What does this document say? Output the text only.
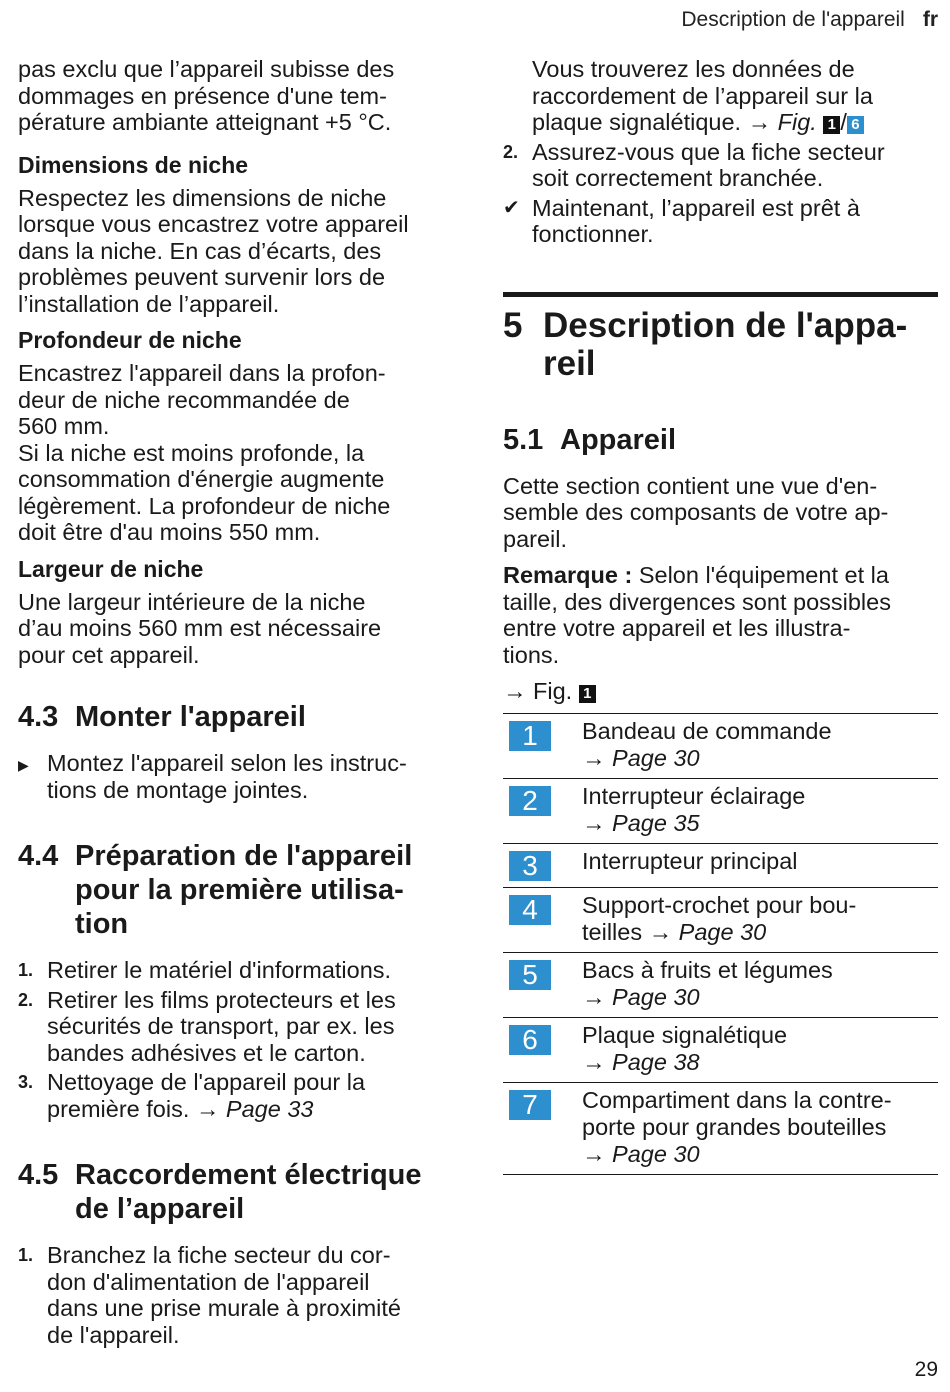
Description de l'appareil fr
pas exclu que l’appareil subisse des
dommages en présence d'une tem-
pérature ambiante atteignant +5 °C.
Dimensions de niche
Respectez les dimensions de niche
lorsque vous encastrez votre appareil
dans la niche. En cas d’écarts, des
problèmes peuvent survenir lors de
l’installation de l’appareil.
Profondeur de niche
Encastrez l'appareil dans la profon-
deur de niche recommandée de
560 mm.
Si la niche est moins profonde, la
consommation d'énergie augmente
légèrement. La profondeur de niche
doit être d'au moins 550 mm.
Largeur de niche
Une largeur intérieure de la niche
d’au moins 560 mm est nécessaire
pour cet appareil.
4.3 Monter l'appareil
▶ Montez l'appareil selon les instruc-
tions de montage jointes.
4.4 Préparation de l'appareil
pour la première utilisa-
tion
1. Retirer le matériel d'informations.
2. Retirer les films protecteurs et les
sécurités de transport, par ex. les
bandes adhésives et le carton.
3. Nettoyage de l'appareil pour la
première fois. → Page 33
4.5 Raccordement électrique
de l’appareil
1. Branchez la fiche secteur du cor-
don d'alimentation de l'appareil
dans une prise murale à proximité
de l'appareil.
Vous trouverez les données de
raccordement de l’appareil sur la
plaque signalétique. → Fig. 1 / 6
2. Assurez-vous que la fiche secteur
soit correctement branchée.
✔ Maintenant, l’appareil est prêt à
fonctionner.
5 Description de l'appa-
reil
5.1 Appareil
Cette section contient une vue d'en-
semble des composants de votre ap-
pareil.
Remarque : Selon l'équipement et la
taille, des divergences sont possibles
entre votre appareil et les illustra-
tions.
→ Fig. 1
1	Bandeau de commande
→ Page 30

2	Interrupteur éclairage
→ Page 35

3	Interrupteur principal

4	Support-crochet pour bou-
teilles → Page 30

5	Bacs à fruits et légumes
→ Page 30

6	Plaque signalétique
→ Page 38

7	Compartiment dans la contre-
porte pour grandes bouteilles
→ Page 30
29
